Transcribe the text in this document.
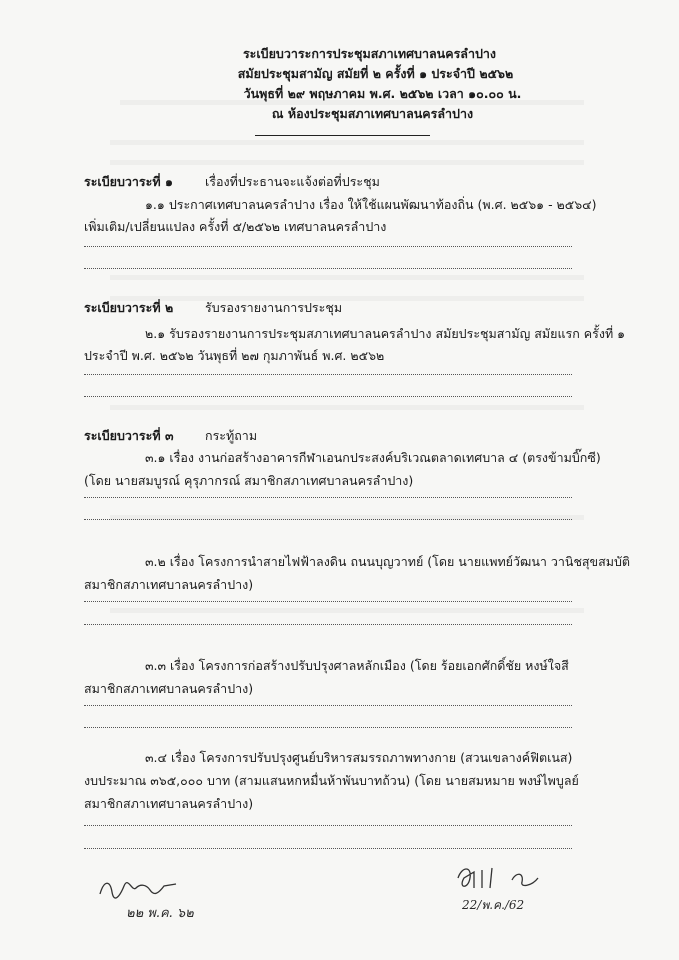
ระเบียบวาระการประชุมสภาเทศบาลนครลำปาง
สมัยประชุมสามัญ สมัยที่ ๒ ครั้งที่ ๑ ประจำปี ๒๕๖๒
วันพุธที่ ๒๙ พฤษภาคม พ.ศ. ๒๕๖๒ เวลา ๑๐.๐๐ น.
ณ ห้องประชุมสภาเทศบาลนครลำปาง
ระเบียบวาระที่ ๑	เรื่องที่ประธานจะแจ้งต่อที่ประชุม
๑.๑ ประกาศเทศบาลนครลำปาง เรื่อง ให้ใช้แผนพัฒนาท้องถิ่น (พ.ศ. ๒๕๖๑ - ๒๕๖๔)
เพิ่มเติม/เปลี่ยนแปลง ครั้งที่ ๕/๒๕๖๒ เทศบาลนครลำปาง
ระเบียบวาระที่ ๒	รับรองรายงานการประชุม
๒.๑ รับรองรายงานการประชุมสภาเทศบาลนครลำปาง สมัยประชุมสามัญ สมัยแรก ครั้งที่ ๑
ประจำปี พ.ศ. ๒๕๖๒ วันพุธที่ ๒๗ กุมภาพันธ์ พ.ศ. ๒๕๖๒
ระเบียบวาระที่ ๓	กระทู้ถาม
๓.๑ เรื่อง งานก่อสร้างอาคารกีฬาเอนกประสงค์บริเวณตลาดเทศบาล ๔ (ตรงข้ามบิ๊กซี)
(โดย นายสมบูรณ์ คุรุภากรณ์ สมาชิกสภาเทศบาลนครลำปาง)
๓.๒ เรื่อง โครงการนำสายไฟฟ้าลงดิน ถนนบุญวาทย์ (โดย นายแพทย์วัฒนา วานิชสุขสมบัติ
สมาชิกสภาเทศบาลนครลำปาง)
๓.๓ เรื่อง โครงการก่อสร้างปรับปรุงศาลหลักเมือง (โดย ร้อยเอกศักดิ์ชัย หงษ์ใจสี
สมาชิกสภาเทศบาลนครลำปาง)
๓.๔ เรื่อง โครงการปรับปรุงศูนย์บริหารสมรรถภาพทางกาย (สวนเขลางค์ฟิตเนส)
งบประมาณ ๓๖๕,๐๐๐ บาท (สามแสนหกหมื่นห้าพันบาทถ้วน) (โดย นายสมหมาย พงษ์ไพบูลย์
สมาชิกสภาเทศบาลนครลำปาง)
๒๒ พ.ค. ๖๒
22/พ.ค./62
